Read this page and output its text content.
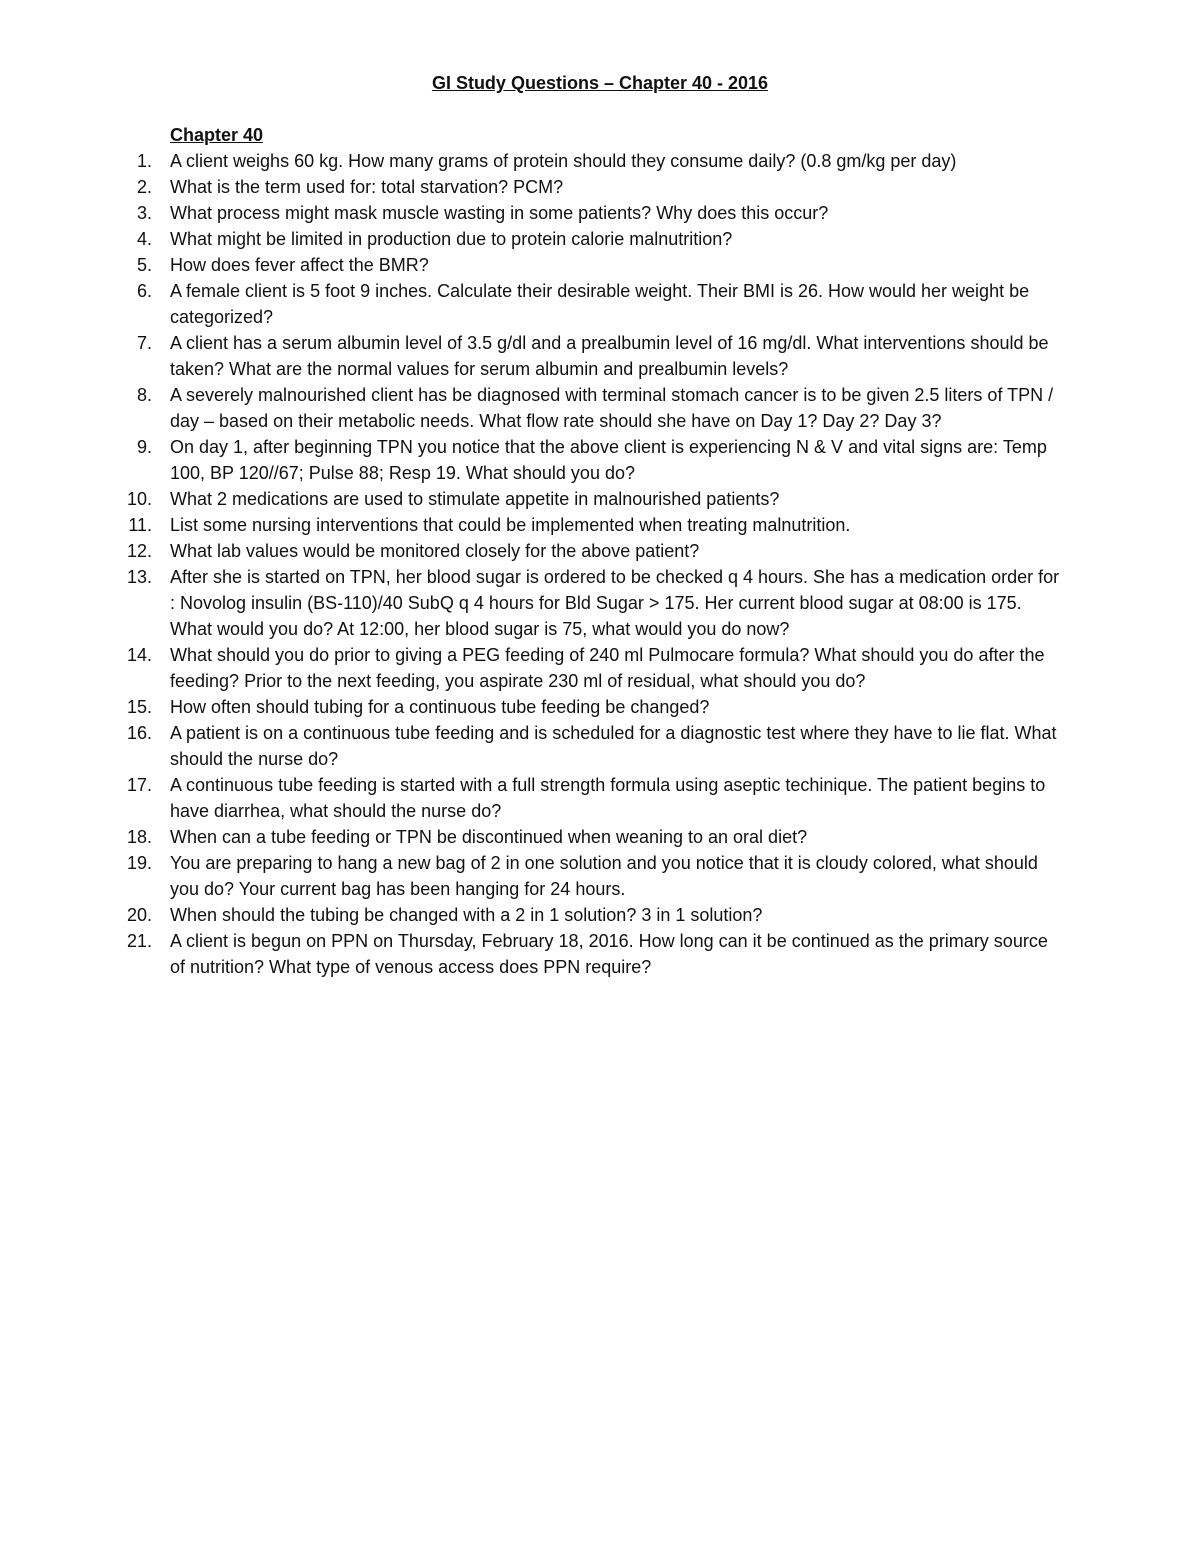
GI Study Questions – Chapter 40 - 2016
Chapter 40
1. A client weighs 60 kg. How many grams of protein should they consume daily? (0.8 gm/kg per day)
2. What is the term used for: total starvation? PCM?
3. What process might mask muscle wasting in some patients? Why does this occur?
4. What might be limited in production due to protein calorie malnutrition?
5. How does fever affect the BMR?
6. A female client is 5 foot 9 inches. Calculate their desirable weight. Their BMI is 26. How would her weight be categorized?
7. A client has a serum albumin level of 3.5 g/dl and a prealbumin level of 16 mg/dl. What interventions should be taken? What are the normal values for serum albumin and prealbumin levels?
8. A severely malnourished client has be diagnosed with terminal stomach cancer is to be given 2.5 liters of TPN / day – based on their metabolic needs. What flow rate should she have on Day 1? Day 2? Day 3?
9. On day 1, after beginning TPN you notice that the above client is experiencing N & V and vital signs are: Temp 100, BP 120//67; Pulse 88; Resp 19. What should you do?
10. What 2 medications are used to stimulate appetite in malnourished patients?
11. List some nursing interventions that could be implemented when treating malnutrition.
12. What lab values would be monitored closely for the above patient?
13. After she is started on TPN, her blood sugar is ordered to be checked q 4 hours. She has a medication order for : Novolog insulin (BS-110)/40 SubQ q 4 hours for Bld Sugar > 175. Her current blood sugar at 08:00 is 175. What would you do? At 12:00, her blood sugar is 75, what would you do now?
14. What should you do prior to giving a PEG feeding of 240 ml Pulmocare formula? What should you do after the feeding? Prior to the next feeding, you aspirate 230 ml of residual, what should you do?
15. How often should tubing for a continuous tube feeding be changed?
16. A patient is on a continuous tube feeding and is scheduled for a diagnostic test where they have to lie flat. What should the nurse do?
17. A continuous tube feeding is started with a full strength formula using aseptic techinique. The patient begins to have diarrhea, what should the nurse do?
18. When can a tube feeding or TPN be discontinued when weaning to an oral diet?
19. You are preparing to hang a new bag of 2 in one solution and you notice that it is cloudy colored, what should you do? Your current bag has been hanging for 24 hours.
20. When should the tubing be changed with a 2 in 1 solution? 3 in 1 solution?
21. A client is begun on PPN on Thursday, February 18, 2016. How long can it be continued as the primary source of nutrition? What type of venous access does PPN require?
